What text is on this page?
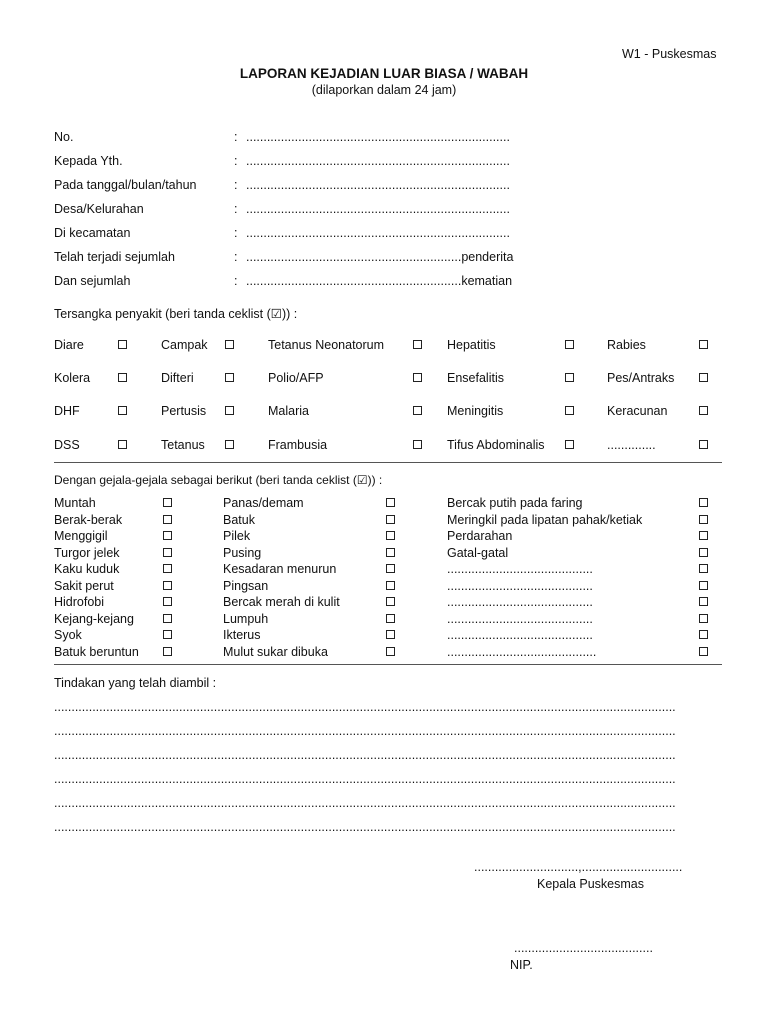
W1 - Puskesmas
LAPORAN KEJADIAN LUAR BIASA / WABAH
(dilaporkan dalam 24 jam)
No.	: ............................................................................
Kepada Yth.	: ............................................................................
Pada tanggal/bulan/tahun	: ............................................................................
Desa/Kelurahan	: ............................................................................
Di kecamatan	: ............................................................................
Telah terjadi sejumlah	: ..............................................................penderita
Dan sejumlah	: ..............................................................kematian
Tersangka penyakit (beri tanda ceklist (☑)) :
Diare	Campak	Tetanus Neonatorum	Hepatitis	Rabies
Kolera	Difteri	Polio/AFP	Ensefalitis	Pes/Antraks
DHF	Pertusis	Malaria	Meningitis	Keracunan
DSS	Tetanus	Frambusia	Tifus Abdominalis	..............
Dengan gejala-gejala sebagai berikut (beri tanda ceklist (☑)) :
Muntah	Panas/demam	Bercak putih pada faring
Berak-berak	Batuk	Meringkil pada lipatan pahak/ketiak
Menggigil	Pilek	Perdarahan
Turgor jelek	Pusing	Gatal-gatal
Kaku kuduk	Kesadaran menurun	..........................................
Sakit perut	Pingsan	..........................................
Hidrofobi	Bercak merah di kulit	..........................................
Kejang-kejang	Lumpuh	..........................................
Syok	Ikterus	..........................................
Batuk beruntun	Mulut sukar dibuka	...........................................
Tindakan yang telah diambil :
...................................................................................................................................................................................
...................................................................................................................................................................................
...................................................................................................................................................................................
...................................................................................................................................................................................
...................................................................................................................................................................................
...................................................................................................................................................................................
..............................,.............................
Kepala Puskesmas
........................................
NIP.
